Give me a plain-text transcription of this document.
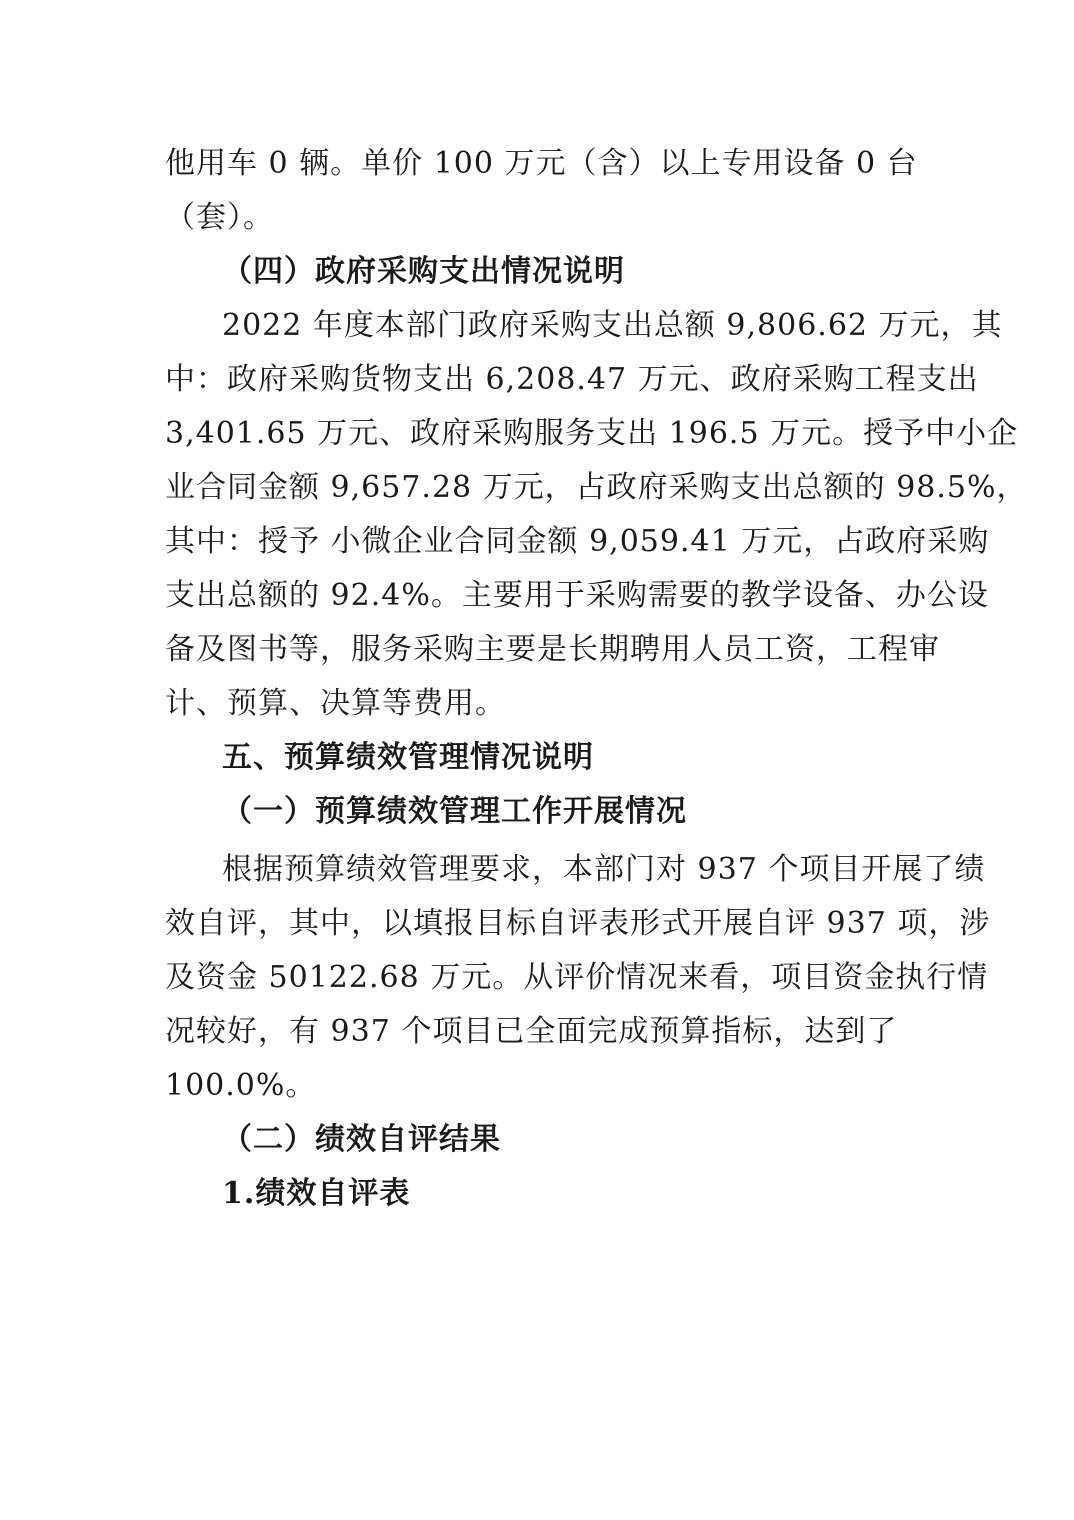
他用车 0 辆。单价 100 万元（含）以上专用设备 0 台
（套）。
（四）政府采购支出情况说明
2022 年度本部门政府采购支出总额 9,806.62 万元，其
中：政府采购货物支出 6,208.47 万元、政府采购工程支出
3,401.65 万元、政府采购服务支出 196.5 万元。授予中小企
业合同金额 9,657.28 万元，占政府采购支出总额的 98.5%，
其中：授予 小微企业合同金额 9,059.41 万元，占政府采购
支出总额的 92.4%。主要用于采购需要的教学设备、办公设
备及图书等，服务采购主要是长期聘用人员工资，工程审
计、预算、决算等费用。
五、预算绩效管理情况说明
（一）预算绩效管理工作开展情况
根据预算绩效管理要求，本部门对 937 个项目开展了绩
效自评，其中，以填报目标自评表形式开展自评 937 项，涉
及资金 50122.68 万元。从评价情况来看，项目资金执行情
况较好，有 937 个项目已全面完成预算指标，达到了
100.0%。
（二）绩效自评结果
1.绩效自评表
